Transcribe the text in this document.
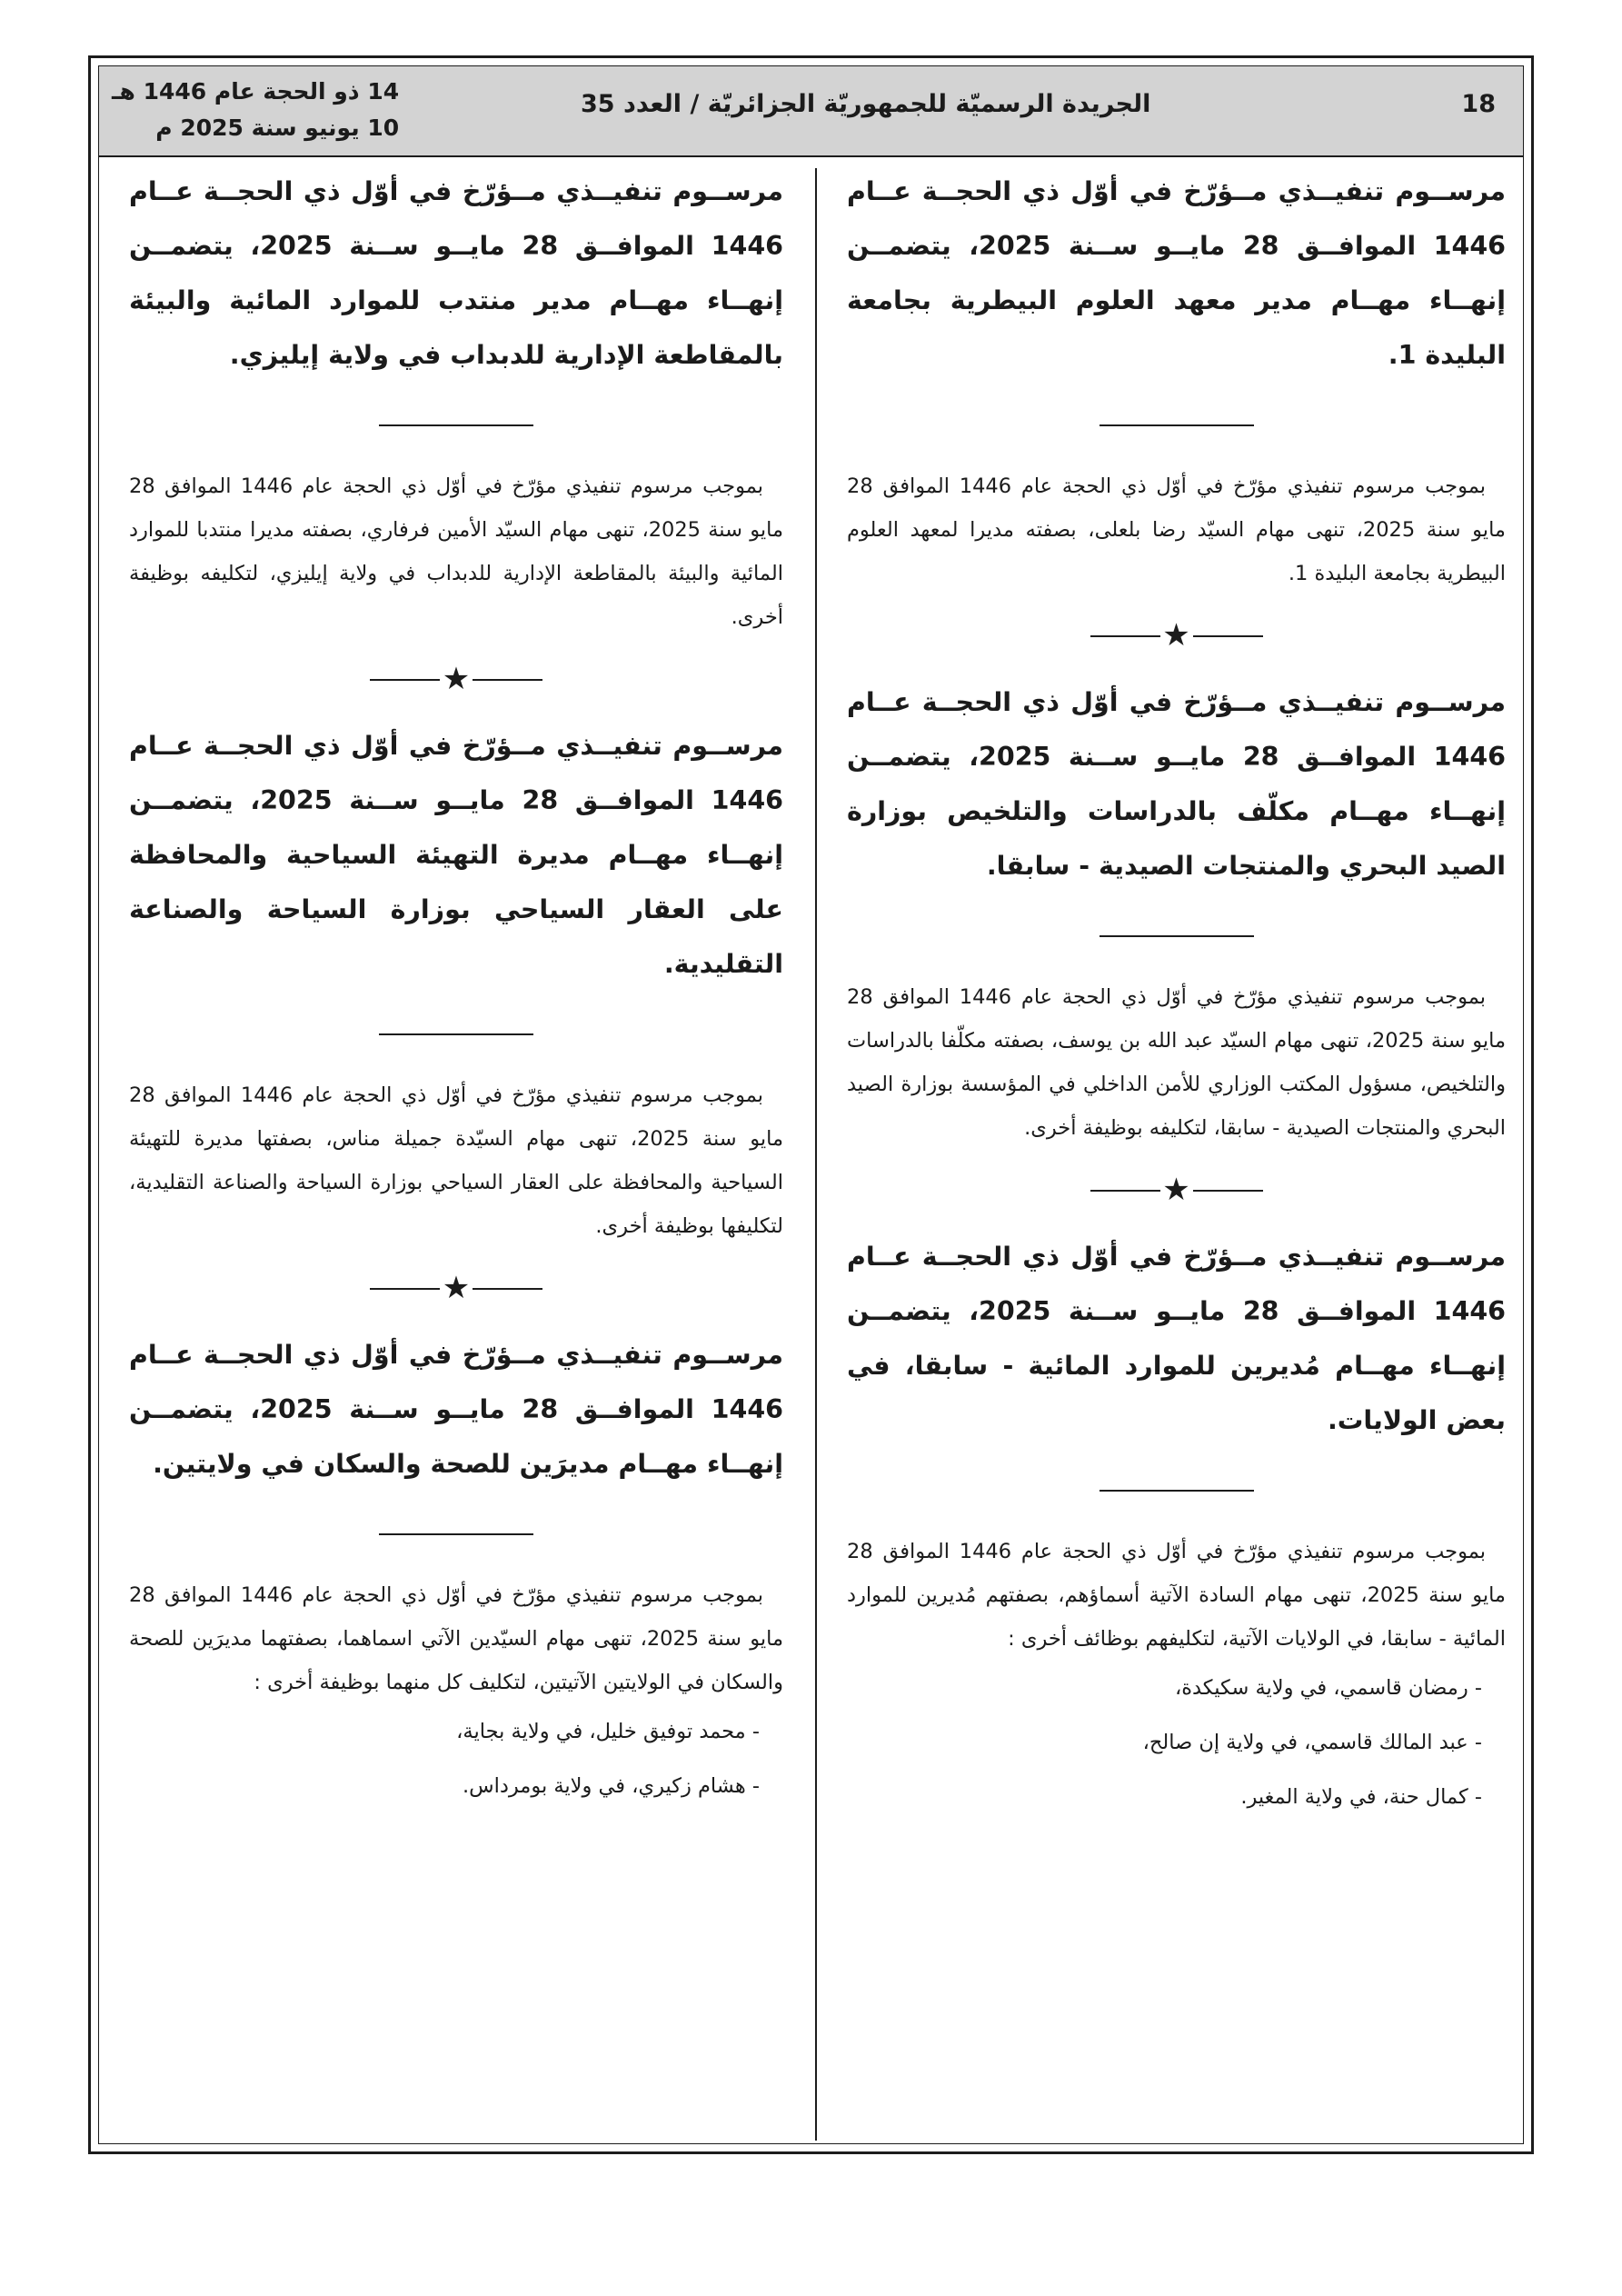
18
الجريدة الرسميّة للجمهوريّة الجزائريّة / العدد 35
14 ذو الحجة عام 1446 هـ
10 يونيو سنة 2025 م

مرســوم تنفيــذي مــؤرّخ في أوّل ذي الحجــة عــام 1446 الموافــق 28 مايــو ســنة 2025، يتضمــن إنهــاء مهــام مدير معهد العلوم البيطرية بجامعة البليدة 1.

بموجب مرسوم تنفيذي مؤرّخ في أوّل ذي الحجة عام 1446 الموافق 28 مايو سنة 2025، تنهى مهام السيّد رضا بلعلى، بصفته مديرا لمعهد العلوم البيطرية بجامعة البليدة 1.

★

مرســوم تنفيــذي مــؤرّخ في أوّل ذي الحجــة عــام 1446 الموافــق 28 مايــو ســنة 2025، يتضمــن إنهــاء مهــام مكلّف بالدراسات والتلخيص بوزارة الصيد البحري والمنتجات الصيدية - سابقا.

بموجب مرسوم تنفيذي مؤرّخ في أوّل ذي الحجة عام 1446 الموافق 28 مايو سنة 2025، تنهى مهام السيّد عبد الله بن يوسف، بصفته مكلّفا بالدراسات والتلخيص، مسؤول المكتب الوزاري للأمن الداخلي في المؤسسة بوزارة الصيد البحري والمنتجات الصيدية - سابقا، لتكليفه بوظيفة أخرى.

★

مرســوم تنفيــذي مــؤرّخ في أوّل ذي الحجــة عــام 1446 الموافــق 28 مايــو ســنة 2025، يتضمــن إنهــاء مهــام مُديرين للموارد المائية - سابقا، في بعض الولايات.

بموجب مرسوم تنفيذي مؤرّخ في أوّل ذي الحجة عام 1446 الموافق 28 مايو سنة 2025، تنهى مهام السادة الآتية أسماؤهم، بصفتهم مُديرين للموارد المائية - سابقا، في الولايات الآتية، لتكليفهم بوظائف أخرى :

- رمضان قاسمي، في ولاية سكيكدة،

- عبد المالك قاسمي، في ولاية إن صالح،

- كمال حنة، في ولاية المغير.

مرســوم تنفيــذي مــؤرّخ في أوّل ذي الحجــة عــام 1446 الموافــق 28 مايــو ســنة 2025، يتضمــن إنهــاء مهــام مدير منتدب للموارد المائية والبيئة بالمقاطعة الإدارية للدبداب في ولاية إيليزي.

بموجب مرسوم تنفيذي مؤرّخ في أوّل ذي الحجة عام 1446 الموافق 28 مايو سنة 2025، تنهى مهام السيّد الأمين فرفاري، بصفته مديرا منتدبا للموارد المائية والبيئة بالمقاطعة الإدارية للدبداب في ولاية إيليزي، لتكليفه بوظيفة أخرى.

★

مرســوم تنفيــذي مــؤرّخ في أوّل ذي الحجــة عــام 1446 الموافــق 28 مايــو ســنة 2025، يتضمــن إنهــاء مهــام مديرة التهيئة السياحية والمحافظة على العقار السياحي بوزارة السياحة والصناعة التقليدية.

بموجب مرسوم تنفيذي مؤرّخ في أوّل ذي الحجة عام 1446 الموافق 28 مايو سنة 2025، تنهى مهام السيّدة جميلة مناس، بصفتها مديرة للتهيئة السياحية والمحافظة على العقار السياحي بوزارة السياحة والصناعة التقليدية، لتكليفها بوظيفة أخرى.

★

مرســوم تنفيــذي مــؤرّخ في أوّل ذي الحجــة عــام 1446 الموافــق 28 مايــو ســنة 2025، يتضمــن إنهــاء مهــام مديرَين للصحة والسكان في ولايتين.

بموجب مرسوم تنفيذي مؤرّخ في أوّل ذي الحجة عام 1446 الموافق 28 مايو سنة 2025، تنهى مهام السيّدين الآتي اسماهما، بصفتهما مديرَين للصحة والسكان في الولايتين الآتيتين، لتكليف كل منهما بوظيفة أخرى :

- محمد توفيق خليل، في ولاية بجاية،

- هشام زكيري، في ولاية بومرداس.
